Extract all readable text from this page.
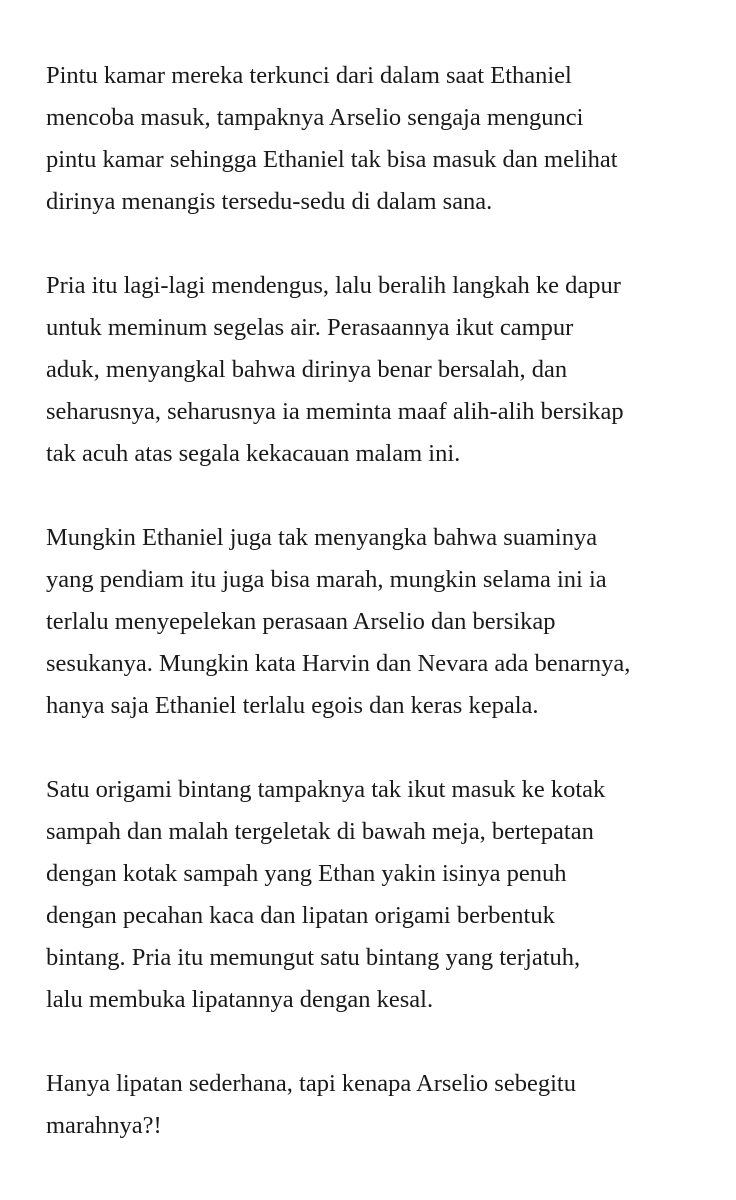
Pintu kamar mereka terkunci dari dalam saat Ethaniel
mencoba masuk, tampaknya Arselio sengaja mengunci
pintu kamar sehingga Ethaniel tak bisa masuk dan melihat
dirinya menangis tersedu-sedu di dalam sana.

Pria itu lagi-lagi mendengus, lalu beralih langkah ke dapur
untuk meminum segelas air. Perasaannya ikut campur
aduk, menyangkal bahwa dirinya benar bersalah, dan
seharusnya, seharusnya ia meminta maaf alih-alih bersikap
tak acuh atas segala kekacauan malam ini.

Mungkin Ethaniel juga tak menyangka bahwa suaminya
yang pendiam itu juga bisa marah, mungkin selama ini ia
terlalu menyepelekan perasaan Arselio dan bersikap
sesukanya. Mungkin kata Harvin dan Nevara ada benarnya,
hanya saja Ethaniel terlalu egois dan keras kepala.

Satu origami bintang tampaknya tak ikut masuk ke kotak
sampah dan malah tergeletak di bawah meja, bertepatan
dengan kotak sampah yang Ethan yakin isinya penuh
dengan pecahan kaca dan lipatan origami berbentuk
bintang. Pria itu memungut satu bintang yang terjatuh,
lalu membuka lipatannya dengan kesal.

Hanya lipatan sederhana, tapi kenapa Arselio sebegitu
marahnya?!
